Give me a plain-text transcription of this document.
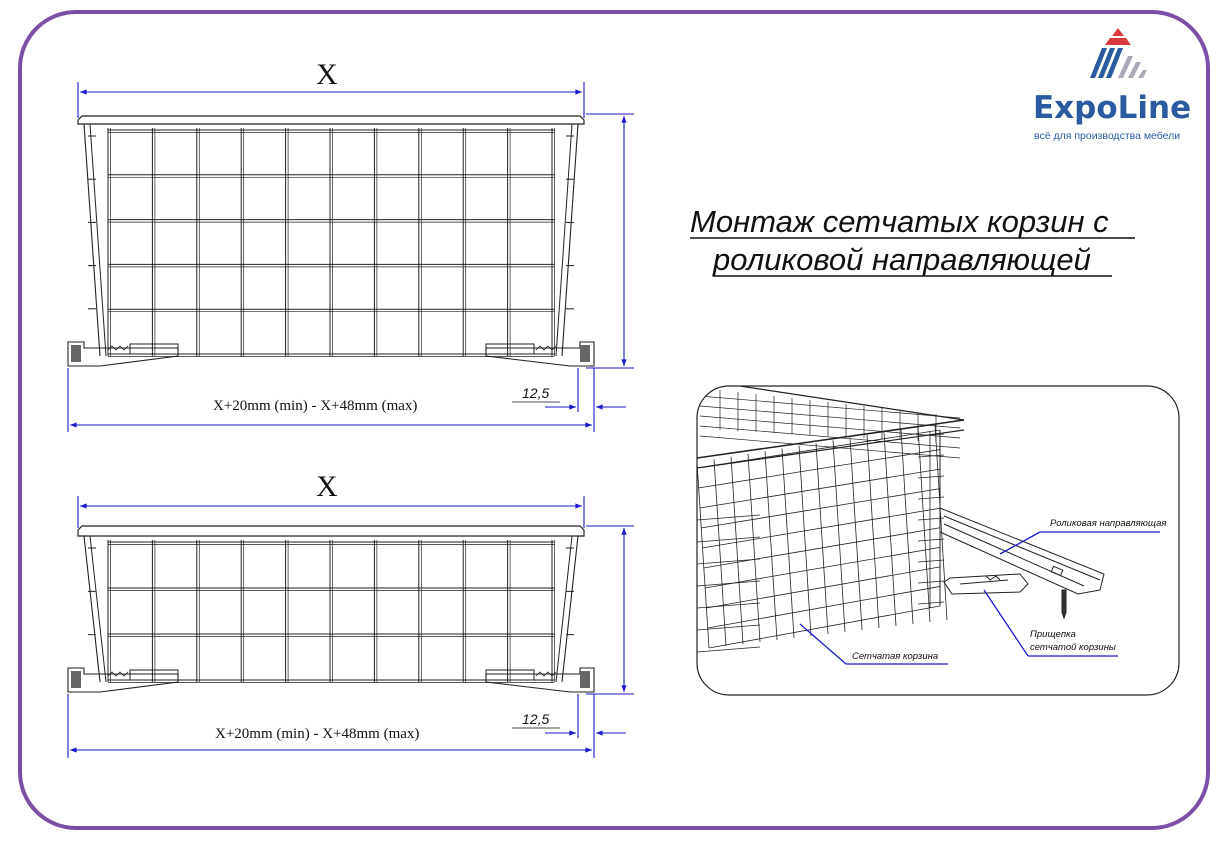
ExpoLine
всё для производства мебели
Монтаж сетчатых корзин с
роликовой направляющей
X
X+20mm (min) - X+48mm (max)
12,5
X
X+20mm (min) - X+48mm (max)
12,5
Роликовая направляющая
Прищепка
сетчатой корзины
Сетчатая корзина
